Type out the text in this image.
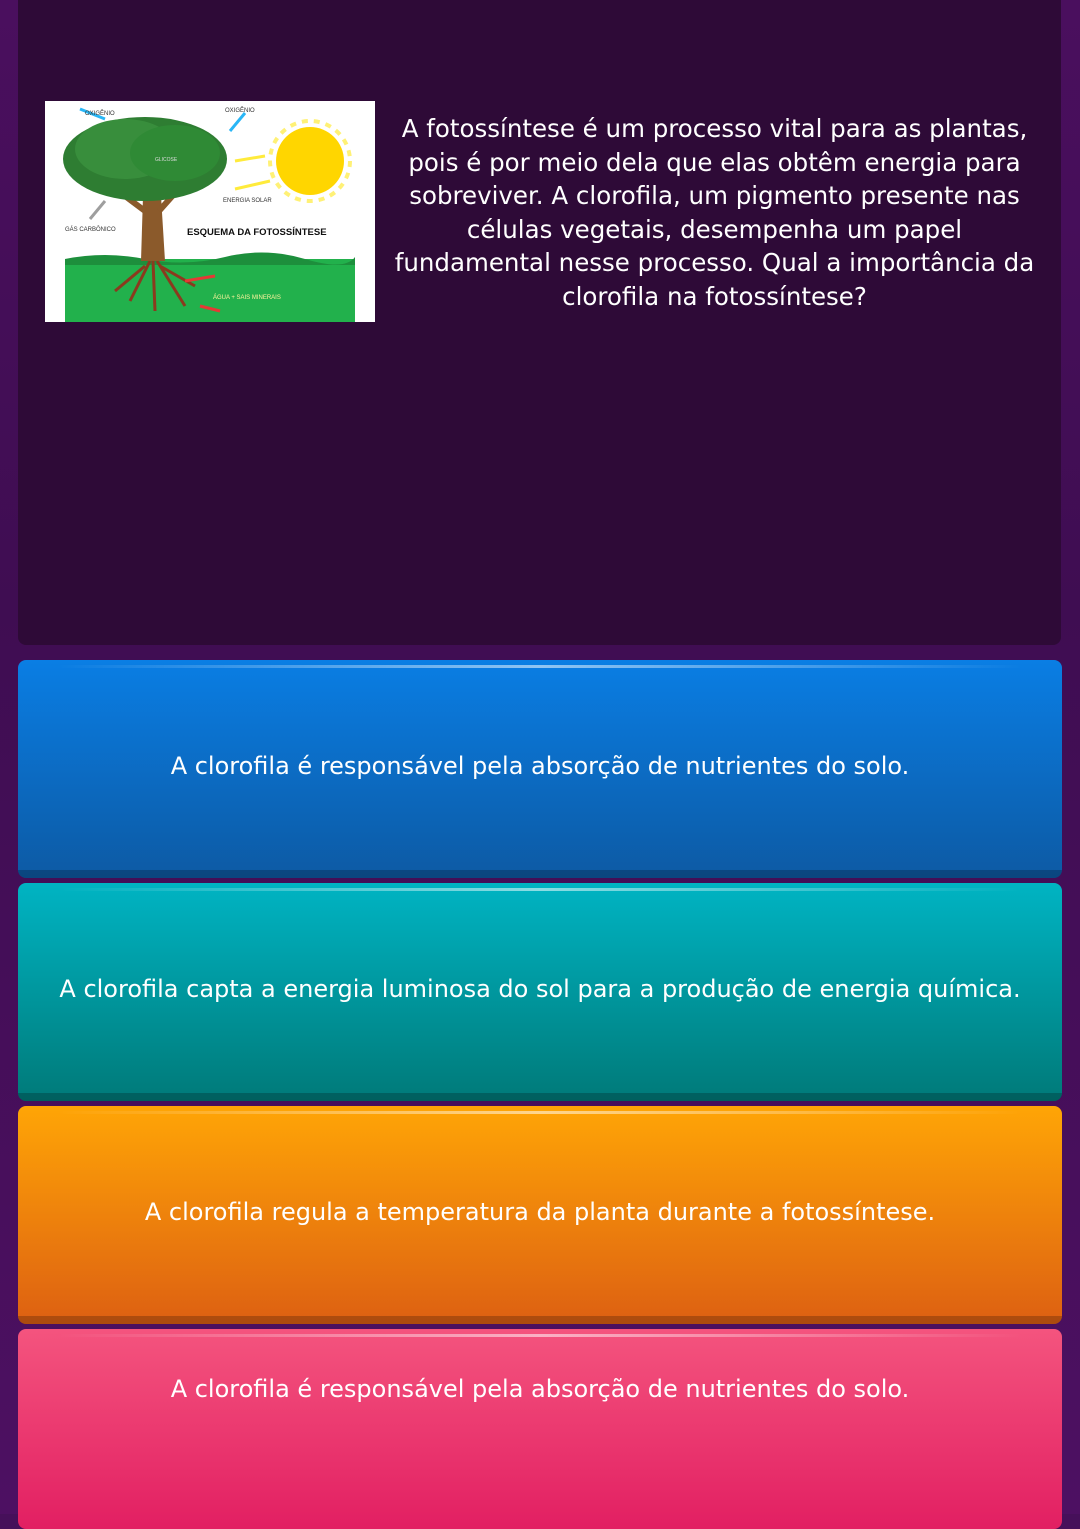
OXIGÊNIO	OXIGÊNIO
GLICOSE
ENERGIA SOLAR
GÁS CARBÔNICO	ESQUEMA DA FOTOSSÍNTESE
ÁGUA + SAIS MINERAIS
A fotossíntese é um processo vital para as plantas, pois é por meio dela que elas obtêm energia para sobreviver. A clorofila, um pigmento presente nas células vegetais, desempenha um papel fundamental nesse processo. Qual a importância da clorofila na fotossíntese?
A clorofila é responsável pela absorção de nutrientes do solo.
A clorofila capta a energia luminosa do sol para a produção de energia química.
A clorofila regula a temperatura da planta durante a fotossíntese.
A clorofila é responsável pela absorção de nutrientes do solo.
